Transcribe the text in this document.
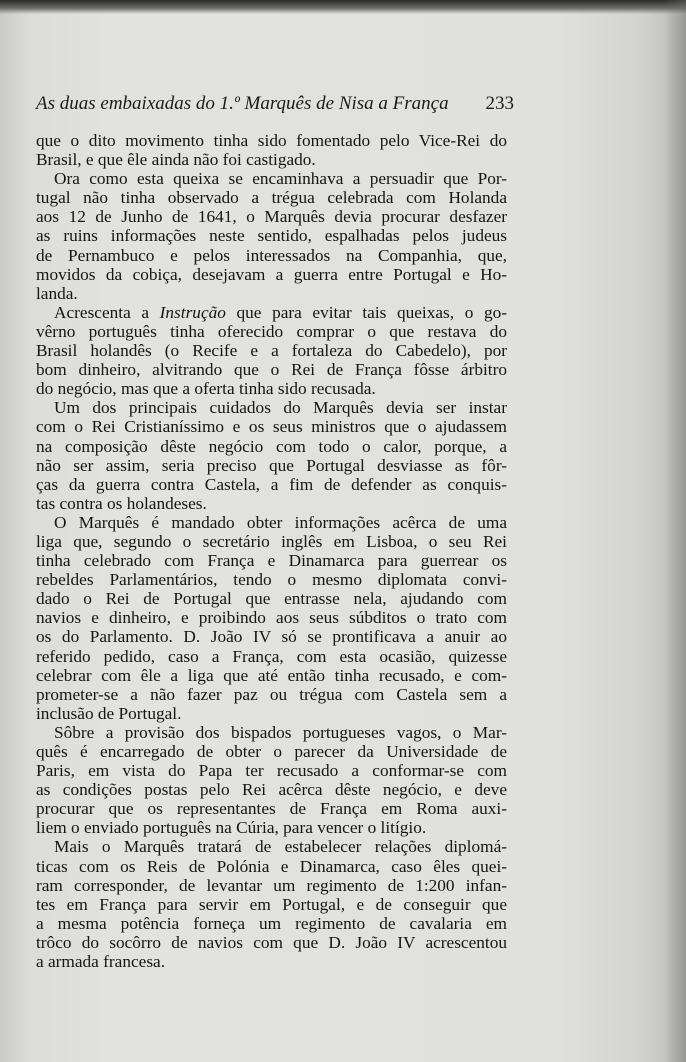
As duas embaixadas do 1.º Marquês de Nisa a França 233
que o dito movimento tinha sido fomentado pelo Vice-Rei do
Brasil, e que êle ainda não foi castigado.
Ora como esta queixa se encaminhava a persuadir que Por-
tugal não tinha observado a trégua celebrada com Holanda
aos 12 de Junho de 1641, o Marquês devia procurar desfazer
as ruins informações neste sentido, espalhadas pelos judeus
de Pernambuco e pelos interessados na Companhia, que,
movidos da cobiça, desejavam a guerra entre Portugal e Ho-
landa.
Acrescenta a Instrução que para evitar tais queixas, o go-
vêrno português tinha oferecido comprar o que restava do
Brasil holandês (o Recife e a fortaleza do Cabedelo), por
bom dinheiro, alvitrando que o Rei de França fôsse árbitro
do negócio, mas que a oferta tinha sido recusada.
Um dos principais cuidados do Marquês devia ser instar
com o Rei Cristianíssimo e os seus ministros que o ajudassem
na composição dêste negócio com todo o calor, porque, a
não ser assim, seria preciso que Portugal desviasse as fôr-
ças da guerra contra Castela, a fim de defender as conquis-
tas contra os holandeses.
O Marquês é mandado obter informações acêrca de uma
liga que, segundo o secretário inglês em Lisboa, o seu Rei
tinha celebrado com França e Dinamarca para guerrear os
rebeldes Parlamentários, tendo o mesmo diplomata convi-
dado o Rei de Portugal que entrasse nela, ajudando com
navios e dinheiro, e proibindo aos seus súbditos o trato com
os do Parlamento. D. João IV só se prontificava a anuir ao
referido pedido, caso a França, com esta ocasião, quizesse
celebrar com êle a liga que até então tinha recusado, e com-
prometer-se a não fazer paz ou trégua com Castela sem a
inclusão de Portugal.
Sôbre a provisão dos bispados portugueses vagos, o Mar-
quês é encarregado de obter o parecer da Universidade de
Paris, em vista do Papa ter recusado a conformar-se com
as condições postas pelo Rei acêrca dêste negócio, e deve
procurar que os representantes de França em Roma auxi-
liem o enviado português na Cúria, para vencer o litígio.
Mais o Marquês tratará de estabelecer relações diplomá-
ticas com os Reis de Polónia e Dinamarca, caso êles quei-
ram corresponder, de levantar um regimento de 1:200 infan-
tes em França para servir em Portugal, e de conseguir que
a mesma potência forneça um regimento de cavalaria em
trôco do socôrro de navios com que D. João IV acrescentou
a armada francesa.
